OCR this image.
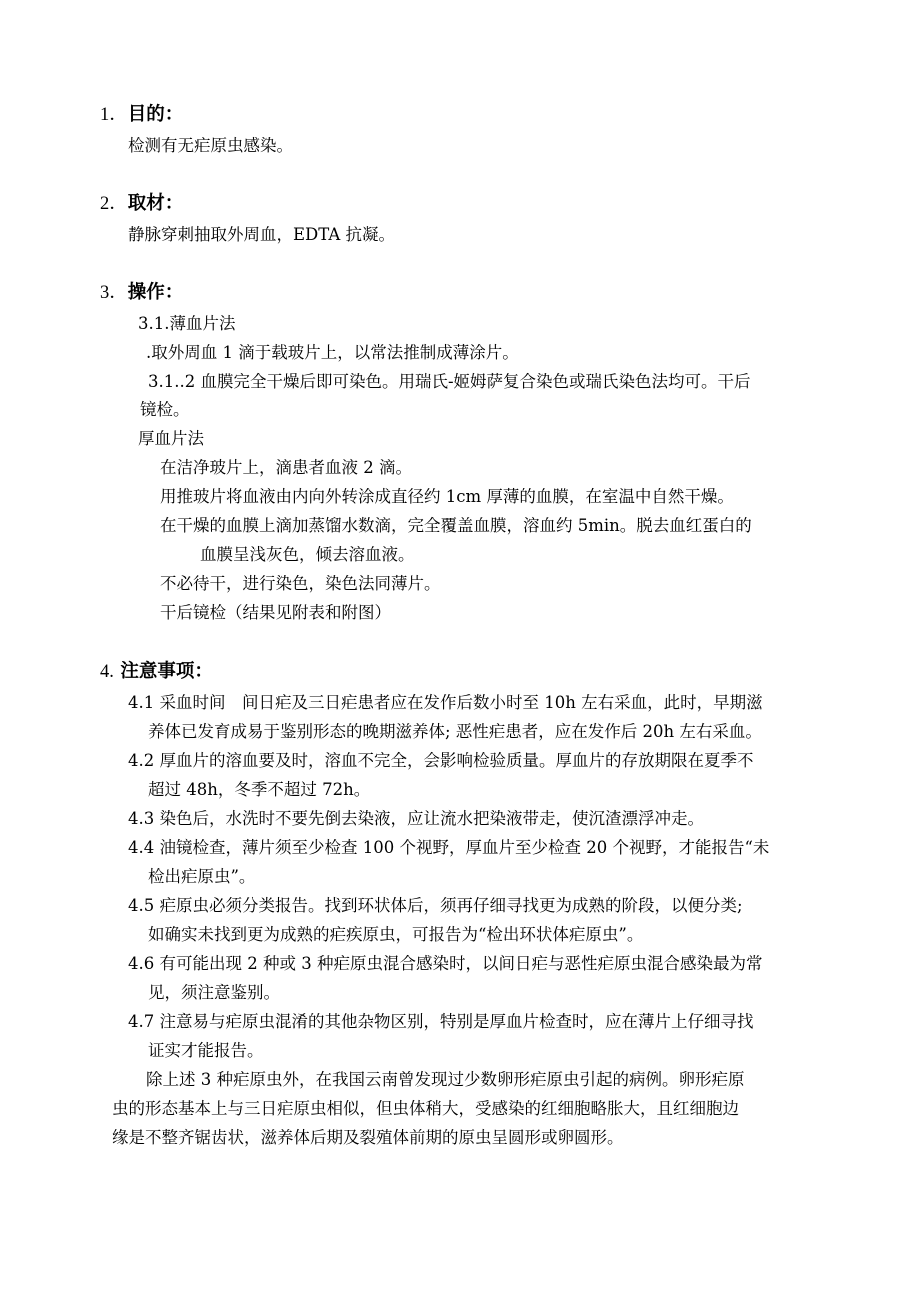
1．目的：
检测有无疟原虫感染。
2．取材：
静脉穿刺抽取外周血，EDTA 抗凝。
3．操作：
3.1.薄血片法
.取外周血 1 滴于载玻片上，以常法推制成薄涂片。
3.1..2 血膜完全干燥后即可染色。用瑞氏-姬姆萨复合染色或瑞氏染色法均可。干后
镜检。
厚血片法
在洁净玻片上，滴患者血液 2 滴。
用推玻片将血液由内向外转涂成直径约 1cm 厚薄的血膜，在室温中自然干燥。
在干燥的血膜上滴加蒸馏水数滴，完全覆盖血膜，溶血约 5min。脱去血红蛋白的
血膜呈浅灰色，倾去溶血液。
不必待干，进行染色，染色法同薄片。
干后镜检（结果见附表和附图）
4. 注意事项：
4.1 采血时间　间日疟及三日疟患者应在发作后数小时至 10h 左右采血，此时，早期滋
养体已发育成易于鉴别形态的晚期滋养体; 恶性疟患者，应在发作后 20h 左右采血。
4.2 厚血片的溶血要及时，溶血不完全，会影响检验质量。厚血片的存放期限在夏季不
超过 48h，冬季不超过 72h。
4.3 染色后，水洗时不要先倒去染液，应让流水把染液带走，使沉渣漂浮冲走。
4.4 油镜检查，薄片须至少检查 100 个视野，厚血片至少检查 20 个视野，才能报告“未
检出疟原虫”。
4.5 疟原虫必须分类报告。找到环状体后，须再仔细寻找更为成熟的阶段，以便分类;
如确实未找到更为成熟的疟疾原虫，可报告为“检出环状体疟原虫”。
4.6 有可能出现 2 种或 3 种疟原虫混合感染时，以间日疟与恶性疟原虫混合感染最为常
见，须注意鉴别。
4.7 注意易与疟原虫混淆的其他杂物区别，特别是厚血片检查时，应在薄片上仔细寻找
证实才能报告。
除上述 3 种疟原虫外，在我国云南曾发现过少数卵形疟原虫引起的病例。卵形疟原
虫的形态基本上与三日疟原虫相似，但虫体稍大，受感染的红细胞略胀大，且红细胞边
缘是不整齐锯齿状，滋养体后期及裂殖体前期的原虫呈圆形或卵圆形。
